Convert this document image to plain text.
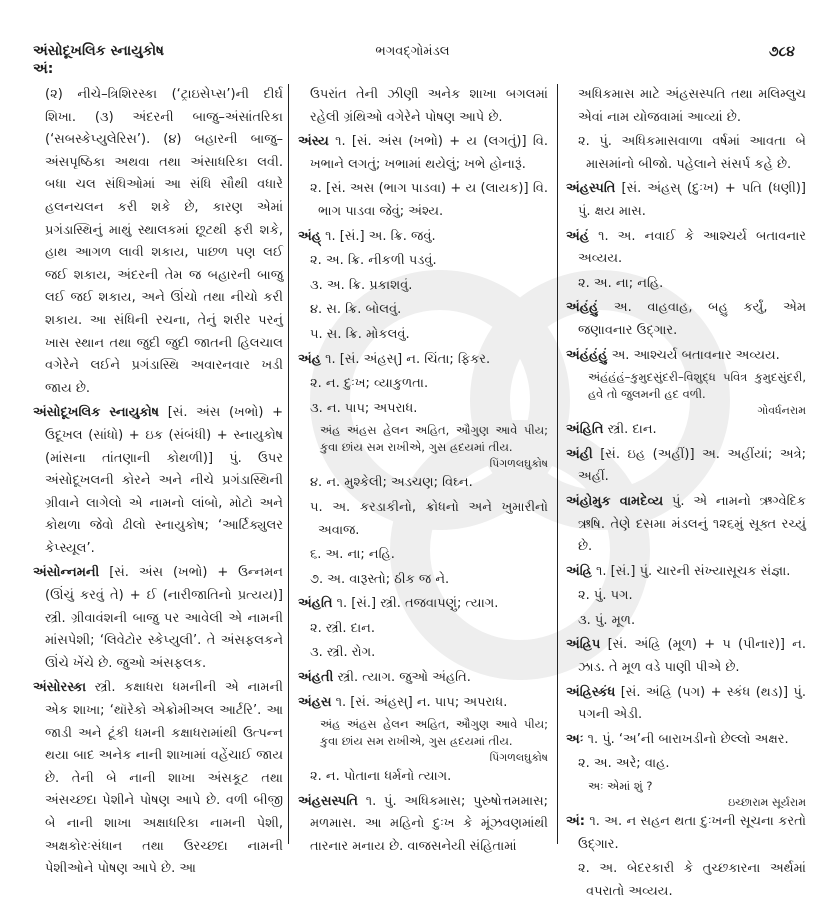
અંસોદૂખલિક સ્નાયુકોષ
અં:
ભગવદ્ગોમંડલ	૭૮૪

(૨) નીચે–ત્રિશિરસ્કા (‘ટ્રાઇસેપ્સ’)ની દીર્ઘ શિખા. (૩) અંદરની બાજુ–અંસાંતરિકા (‘સબસ્કેપ્યુલેરિસ’). (૪) બહારની બાજુ–અંસપૃષ્ઠિકા અથવા તથા અંસાધરિકા લવી. બધા ચલ સંધિઓમાં આ સંધિ સૌથી વધારે હલનચલન કરી શકે છે, કારણ એમાં પ્રગંડાસ્થિનું માથું સ્થાલકમાં છૂટથી ફરી શકે, હાથ આગળ લાવી શકાય, પાછળ પણ લઈ જઈ શકાય, અંદરની તેમ જ બહારની બાજુ લઈ જઈ શકાય, અને ઊંચો તથા નીચો કરી શકાય. આ સંધિની રચના, તેનું શરીર પરનું ખાસ સ્થાન તથા જુદી જુદી જાતની હિલચાલ વગેરેને લઈને પ્રગંડાસ્થિ અવારનવાર ખડી જાય છે.

અંસોદૂખલિક સ્નાયુકોષ [સં. અંસ (ખભો) + ઉદૂખલ (સાંધો) + ઇક (સંબંધી) + સ્નાયુકોષ (માંસના તાંતણાની કોથળી)] પું. ઉપર અંસોદૂખલની કોરને અને નીચે પ્રગંડાસ્થિની ગ્રીવાને લાગેલો એ નામનો લાંબો, મોટો અને કોથળા જેવો ઢીલો સ્નાયુકોષ; ‘આર્ટિક્યુલર કેપ્સ્યૂલ’.

અંસોન્નમની [સં. અંસ (ખભો) + ઉન્નમન (ઊંચું કરવું તે) + ઈ (નારીજાતિનો પ્રત્યય)] સ્ત્રી. ગ્રીવાવંશની બાજુ પર આવેલી એ નામની માંસપેશી; ‘લિવેટોર સ્કેપ્યુલી’. તે અંસફલકને ઊંચે ખેંચે છે. જુઓ અંસફલક.

અંસોરસ્કા સ્ત્રી. કક્ષાધરા ધમનીની એ નામની એક શાખા; ‘થૉરેકો એક્રોમીઅલ આર્ટરિ’. આ જાડી અને ટૂંકી ધમની કક્ષાધરામાંથી ઉત્પન્ન થયા બાદ અનેક નાની શાખામાં વહેંચાઈ જાય છે. તેની બે નાની શાખા અંસકૂટ તથા અંસચ્છદા પેશીને પોષણ આપે છે. વળી બીજી બે નાની શાખા અક્ષાધરિકા નામની પેશી, અક્ષકોરઃસંધાન તથા ઉરચ્છદા નામની પેશીઓને પોષણ આપે છે. આ

ઉપરાંત તેની ઝીણી અનેક શાખા બગલમાં રહેલી ગ્રંથિઓ વગેરેને પોષણ આપે છે.

અંસ્ય ૧. [સં. અંસ (ખભો) + ય (લગતું)] વિ. ખભાને લગતું; ખભામાં થયેલું; ખભે હોનારૂં.

૨. [સં. અસ (ભાગ પાડવા) + ય (લાયક)] વિ. ભાગ પાડવા જેવું; અંશ્ય.

અંહ્ ૧. [સં.] અ. ક્રિ. જવું.

૨. અ. ક્રિ. નીકળી પડવું.

૩. અ. ક્રિ. પ્રકાશવું.

૪. સ. ક્રિ. બોલવું.

૫. સ. ક્રિ. મોકલવું.

અંહ ૧. [સં. અંહસ્] ન. ચિંતા; ફિકર.

૨. ન. દુઃખ; વ્યાકુળતા.

૩. ન. પાપ; અપરાધ.

અંહ અંહસ હેલન અહિત, ઔગુણ આવે પીય; કુવા છાંય સમ રાખીએ, ગુસ હ્રદયમાં તીય.
પિંગળલઘુકોષ

૪. ન. મુશ્કેલી; અડચણ; વિઘ્ન.

૫. અ. કરડાકીનો, ક્રોધનો અને ખુમારીનો અવાજ.

૬. અ. ના; નહિ.

૭. અ. વારૂસ્તો; ઠીક જ ને.

અંહતિ ૧. [સં.] સ્ત્રી. તજવાપણું; ત્યાગ.

૨. સ્ત્રી. દાન.

૩. સ્ત્રી. રોગ.

અંહતી સ્ત્રી. ત્યાગ. જુઓ અંહતિ.

અંહસ ૧. [સં. અંહસ્] ન. પાપ; અપરાધ.

અંહ અંહસ હેલન અહિત, ઔગુણ આવે પીય; કુવા છાંય સમ રાખીએ, ગુસ હ્રદયમાં તીય.
પિંગળલઘુકોષ

૨. ન. પોતાના ધર્મનો ત્યાગ.

અંહસસ્પતિ ૧. પું. અધિકમાસ; પુરુષોત્તમમાસ; મળમાસ. આ મહિનો દુઃખ કે મૂંઝવણમાંથી તારનાર મનાય છે. વાજસનેયી સંહિતામાં

અધિકમાસ માટે અંહસસ્પતિ તથા મલિમ્લુચ એવાં નામ યોજવામાં આવ્યાં છે.

૨. પું. અધિકમાસવાળા વર્ષમાં આવતા બે માસમાંનો બીજો. પહેલાને સંસર્પ કહે છે.

અંહસ્પતિ [સં. અંહસ્ (દુઃખ) + પતિ (ધણી)] પું. ક્ષય માસ.

અંહં ૧. અ. નવાઈ કે આશ્ચર્ય બતાવનાર અવ્યય.

૨. અ. ના; નહિ.

અંહંહું અ. વાહવાહ, બહુ કર્યું, એમ જણાવનાર ઉદ્ગાર.

અંહંહંહું અ. આશ્ચર્ય બતાવનાર અવ્યય.

અંહંહંહં–કુમુદસુંદરી–વિશુદ્ધ પવિત્ર કુમુદસુંદરી, હવે તો જુલમની હદ વળી.
ગોવર્ધનરામ

અંહિતિ સ્ત્રી. દાન.

અંહી [સં. ઇહ (અહીં)] અ. અહીંયાં; અત્રે; અહીં.

અંહોમુક વામદેવ્ય પું. એ નામનો ઋગ્વેદિક ઋષિ. તેણે દસમા મંડલનું ૧૨૬મું સૂક્ત રચ્યું છે.

અંહ્રિ ૧. [સં.] પું. ચારની સંખ્યાસૂચક સંજ્ઞા.

૨. પું. પગ.

૩. પું. મૂળ.

અંહ્રિપ [સં. અંહ્રિ (મૂળ) + પ (પીનાર)] ન. ઝાડ. તે મૂળ વડે પાણી પીએ છે.

અંહ્રિસ્કંધ [સં. અંહ્રિ (પગ) + સ્કંધ (થડ)] પું. પગની એડી.

અઃ ૧. પું. ‘અ’ની બારાખડીનો છેલ્લો અક્ષર.

૨. અ. અરે; વાહ.

અઃ એમાં શું ?
ઇચ્છારામ સૂર્યરામ

અં: ૧. અ. ન સહન થતા દુઃખની સૂચના કરતો ઉદ્ગાર.

૨. અ. બેદરકારી કે તુચ્છકારના અર્થમાં વપરાતો અવ્યય.
